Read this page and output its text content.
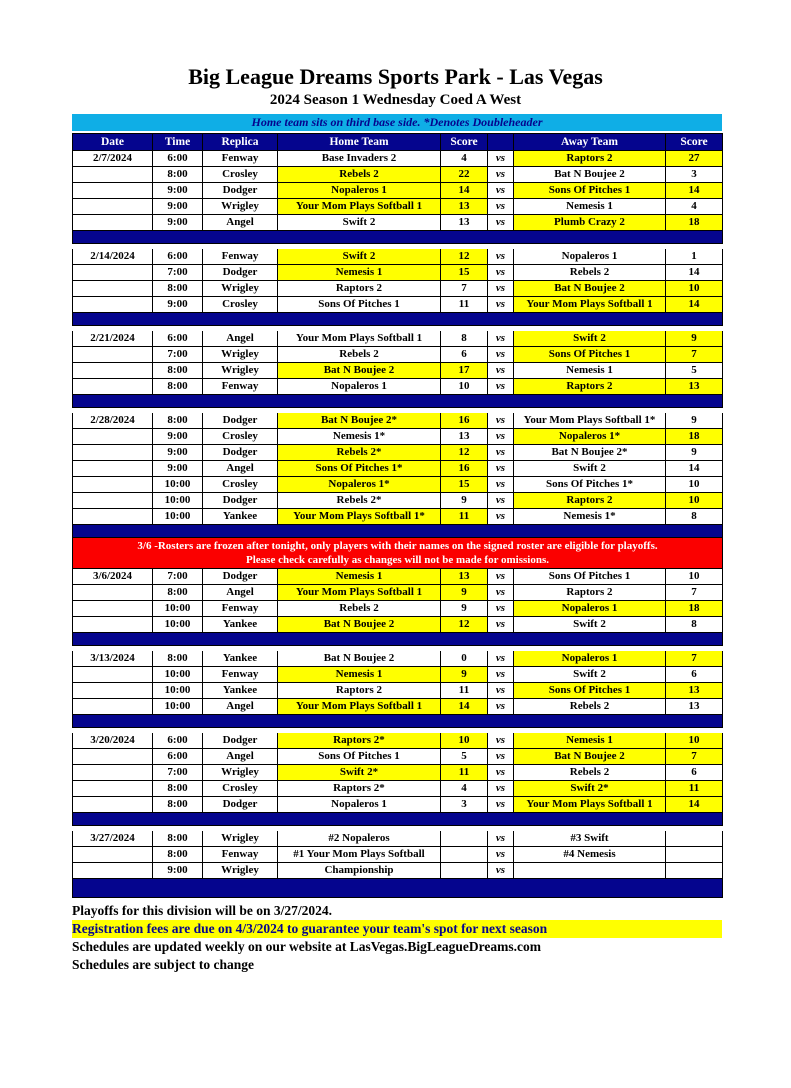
Big League Dreams Sports Park - Las Vegas
2024 Season 1 Wednesday Coed A West
Home team sits on third base side. *Denotes Doubleheader
Date	Time	Replica	Home Team	Score		Away Team	Score
2/7/2024	6:00	Fenway	Base Invaders 2	4	vs	Raptors 2	27
	8:00	Crosley	Rebels 2	22	vs	Bat N Boujee 2	3
	9:00	Dodger	Nopaleros 1	14	vs	Sons Of Pitches 1	14
	9:00	Wrigley	Your Mom Plays Softball 1	13	vs	Nemesis 1	4
	9:00	Angel	Swift 2	13	vs	Plumb Crazy 2	18

2/14/2024	6:00	Fenway	Swift 2	12	vs	Nopaleros 1	1
	7:00	Dodger	Nemesis 1	15	vs	Rebels 2	14
	8:00	Wrigley	Raptors 2	7	vs	Bat N Boujee 2	10
	9:00	Crosley	Sons Of Pitches 1	11	vs	Your Mom Plays Softball 1	14

2/21/2024	6:00	Angel	Your Mom Plays Softball 1	8	vs	Swift 2	9
	7:00	Wrigley	Rebels 2	6	vs	Sons Of Pitches 1	7
	8:00	Wrigley	Bat N Boujee 2	17	vs	Nemesis 1	5
	8:00	Fenway	Nopaleros 1	10	vs	Raptors 2	13

2/28/2024	8:00	Dodger	Bat N Boujee 2*	16	vs	Your Mom Plays Softball 1*	9
	9:00	Crosley	Nemesis 1*	13	vs	Nopaleros 1*	18
	9:00	Dodger	Rebels 2*	12	vs	Bat N Boujee 2*	9
	9:00	Angel	Sons Of Pitches 1*	16	vs	Swift 2	14
	10:00	Crosley	Nopaleros 1*	15	vs	Sons Of Pitches 1*	10
	10:00	Dodger	Rebels 2*	9	vs	Raptors 2	10
	10:00	Yankee	Your Mom Plays Softball 1*	11	vs	Nemesis 1*	8

3/6 -Rosters are frozen after tonight, only players with their names on the signed roster are eligible for playoffs.
Please check carefully as changes will not be made for omissions.							

3/6/2024	7:00	Dodger	Nemesis 1	13	vs	Sons Of Pitches 1	10
	8:00	Angel	Your Mom Plays Softball 1	9	vs	Raptors 2	7
	10:00	Fenway	Rebels 2	9	vs	Nopaleros 1	18
	10:00	Yankee	Bat N Boujee 2	12	vs	Swift 2	8

3/13/2024	8:00	Yankee	Bat N Boujee 2	0	vs	Nopaleros 1	7
	10:00	Fenway	Nemesis 1	9	vs	Swift 2	6
	10:00	Yankee	Raptors 2	11	vs	Sons Of Pitches 1	13
	10:00	Angel	Your Mom Plays Softball 1	14	vs	Rebels 2	13

3/20/2024	6:00	Dodger	Raptors 2*	10	vs	Nemesis 1	10
	6:00	Angel	Sons Of Pitches 1	5	vs	Bat N Boujee 2	7
	7:00	Wrigley	Swift 2*	11	vs	Rebels 2	6
	8:00	Crosley	Raptors 2*	4	vs	Swift 2*	11
	8:00	Dodger	Nopaleros 1	3	vs	Your Mom Plays Softball 1	14

3/27/2024	8:00	Wrigley	#2 Nopaleros		vs	#3 Swift	
	8:00	Fenway	#1 Your Mom Plays Softball		vs	#4 Nemesis	
	9:00	Wrigley	Championship		vs		

Playoffs for this division will be on 3/27/2024.
Registration fees are due on 4/3/2024 to guarantee your team's spot for next season
Schedules are updated weekly on our website at LasVegas.BigLeagueDreams.com
Schedules are subject to change
